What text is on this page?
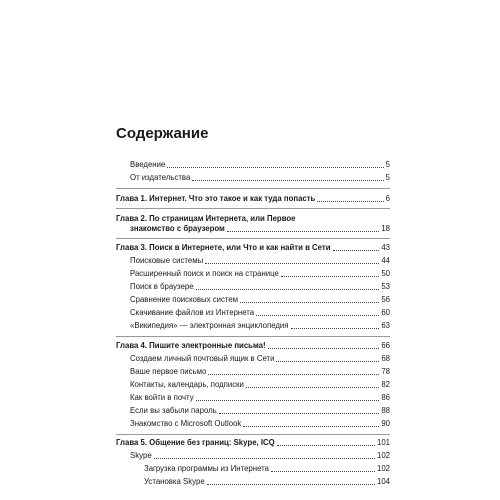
Содержание
Введение	5
От издательства	5
Глава 1. Интернет. Что это такое и как туда попасть	6
Глава 2. По страницам Интернета, или Первое
знакомство с браузером	18
Глава 3. Поиск в Интернете, или Что и как найти в Сети	43
Поисковые системы	44
Расширенный поиск и поиск на странице	50
Поиск в браузере	53
Сравнение поисковых систем	56
Скачивание файлов из Интернета	60
«Википедия» — электронная энциклопедия	63
Глава 4. Пишите электронные письма!	66
Создаем личный почтовый ящик в Сети	68
Ваше первое письмо	78
Контакты, календарь, подписки	82
Как войти в почту	86
Если вы забыли пароль	88
Знакомство с Microsoft Outlook	90
Глава 5. Общение без границ: Skype, ICQ	101
Skype	102
Загрузка программы из Интернета	102
Установка Skype	104
